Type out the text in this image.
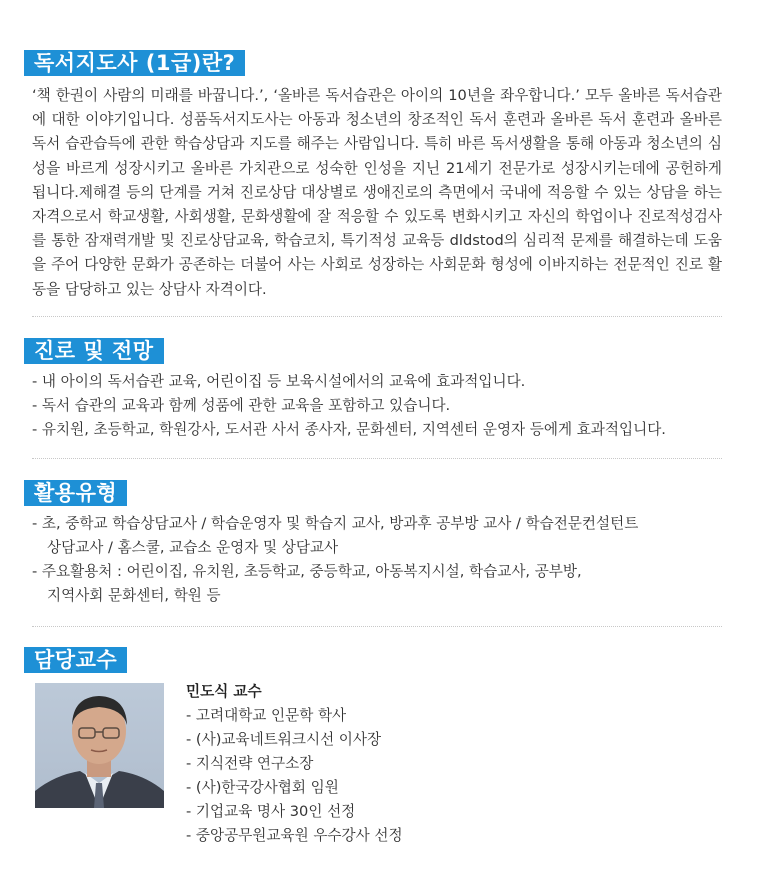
독서지도사 (1급)란?

‘책 한권이 사람의 미래를 바꿉니다.’, ‘올바른 독서습관은 아이의 10년을 좌우합니다.’ 모두 올바른 독서습관에 대한 이야기입니다. 성품독서지도사는 아동과 청소년의 창조적인 독서 훈련과 올바른 독서 훈련과 올바른 독서 습관습득에 관한 학습상담과 지도를 해주는 사람입니다. 특히 바른 독서생활을 통해 아동과 청소년의 심성을 바르게 성장시키고 올바른 가치관으로 성숙한 인성을 지닌 21세기 전문가로 성장시키는데에 공헌하게 됩니다.제해결 등의 단계를 거쳐 진로상담 대상별로 생애진로의 측면에서 국내에 적응할 수 있는 상담을 하는 자격으로서 학교생활, 사회생활, 문화생활에 잘 적응할 수 있도록 변화시키고 자신의 학업이나 진로적성검사를 통한 잠재력개발 및 진로상담교육, 학습코치, 특기적성 교육등 dldstod의 심리적 문제를 해결하는데 도움을 주어 다양한 문화가 공존하는 더불어 사는 사회로 성장하는 사회문화 형성에 이바지하는 전문적인 진로 활동을 담당하고 있는 상담사 자격이다.

진로 및 전망
- 내 아이의 독서습관 교육, 어린이집 등 보육시설에서의 교육에 효과적입니다.
- 독서 습관의 교육과 함께 성품에 관한 교육을 포함하고 있습니다.
- 유치원, 초등학교, 학원강사, 도서관 사서 종사자, 문화센터, 지역센터 운영자 등에게 효과적입니다.
활용유형
- 초, 중학교 학습상담교사 / 학습운영자 및 학습지 교사, 방과후 공부방 교사 / 학습전문컨설턴트
상담교사 / 홈스쿨, 교습소 운영자 및 상담교사
- 주요활용처 : 어린이집, 유치원, 초등학교, 중등학교, 아동복지시설, 학습교사, 공부방,
지역사회 문화센터, 학원 등
담당교수
민도식 교수
- 고려대학교 인문학 학사
- (사)교육네트워크시선 이사장
- 지식전략 연구소장
- (사)한국강사협회 임원
- 기업교육 명사 30인 선정
- 중앙공무원교육원 우수강사 선정
